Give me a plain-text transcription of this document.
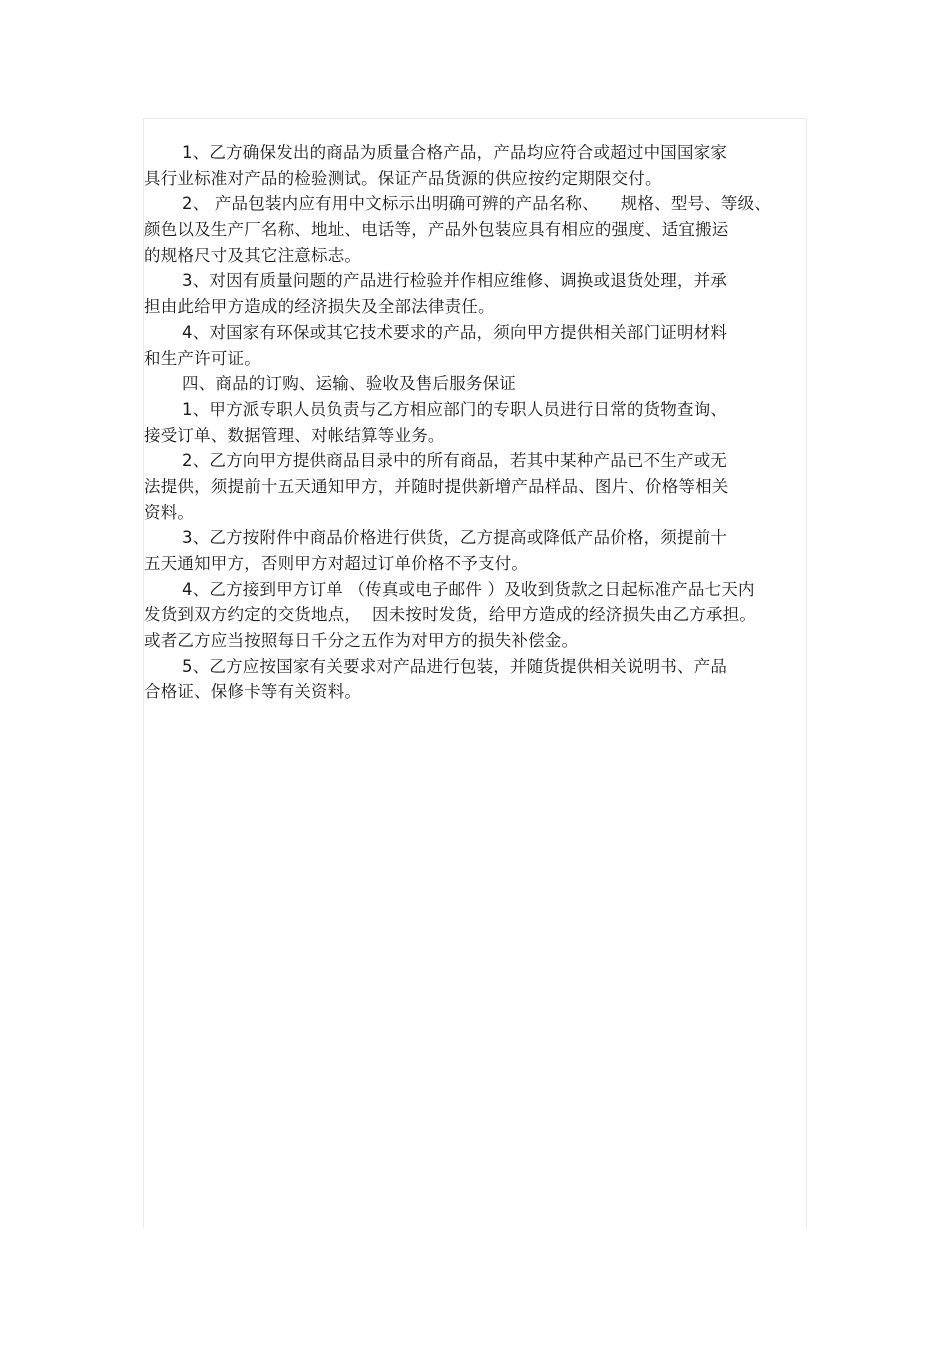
1、乙方确保发出的商品为质量合格产品，产品均应符合或超过中国国家家
具行业标准对产品的检验测试。保证产品货源的供应按约定期限交付。
2、 产品包装内应有用中文标示出明确可辨的产品名称、    规格、型号、等级、
颜色以及生产厂名称、地址、电话等，产品外包装应具有相应的强度、适宜搬运
的规格尺寸及其它注意标志。
3、对因有质量问题的产品进行检验并作相应维修、调换或退货处理，并承
担由此给甲方造成的经济损失及全部法律责任。
4、对国家有环保或其它技术要求的产品，须向甲方提供相关部门证明材料
和生产许可证。
四、商品的订购、运输、验收及售后服务保证
1、甲方派专职人员负责与乙方相应部门的专职人员进行日常的货物查询、
接受订单、数据管理、对帐结算等业务。
2、乙方向甲方提供商品目录中的所有商品，若其中某种产品已不生产或无
法提供，须提前十五天通知甲方，并随时提供新增产品样品、图片、价格等相关
资料。
3、乙方按附件中商品价格进行供货，乙方提高或降低产品价格，须提前十
五天通知甲方，否则甲方对超过订单价格不予支付。
4、乙方接到甲方订单 （传真或电子邮件 ）及收到货款之日起标准产品七天内
发货到双方约定的交货地点，  因未按时发货，给甲方造成的经济损失由乙方承担。
或者乙方应当按照每日千分之五作为对甲方的损失补偿金。
5、乙方应按国家有关要求对产品进行包装，并随货提供相关说明书、产品
合格证、保修卡等有关资料。
